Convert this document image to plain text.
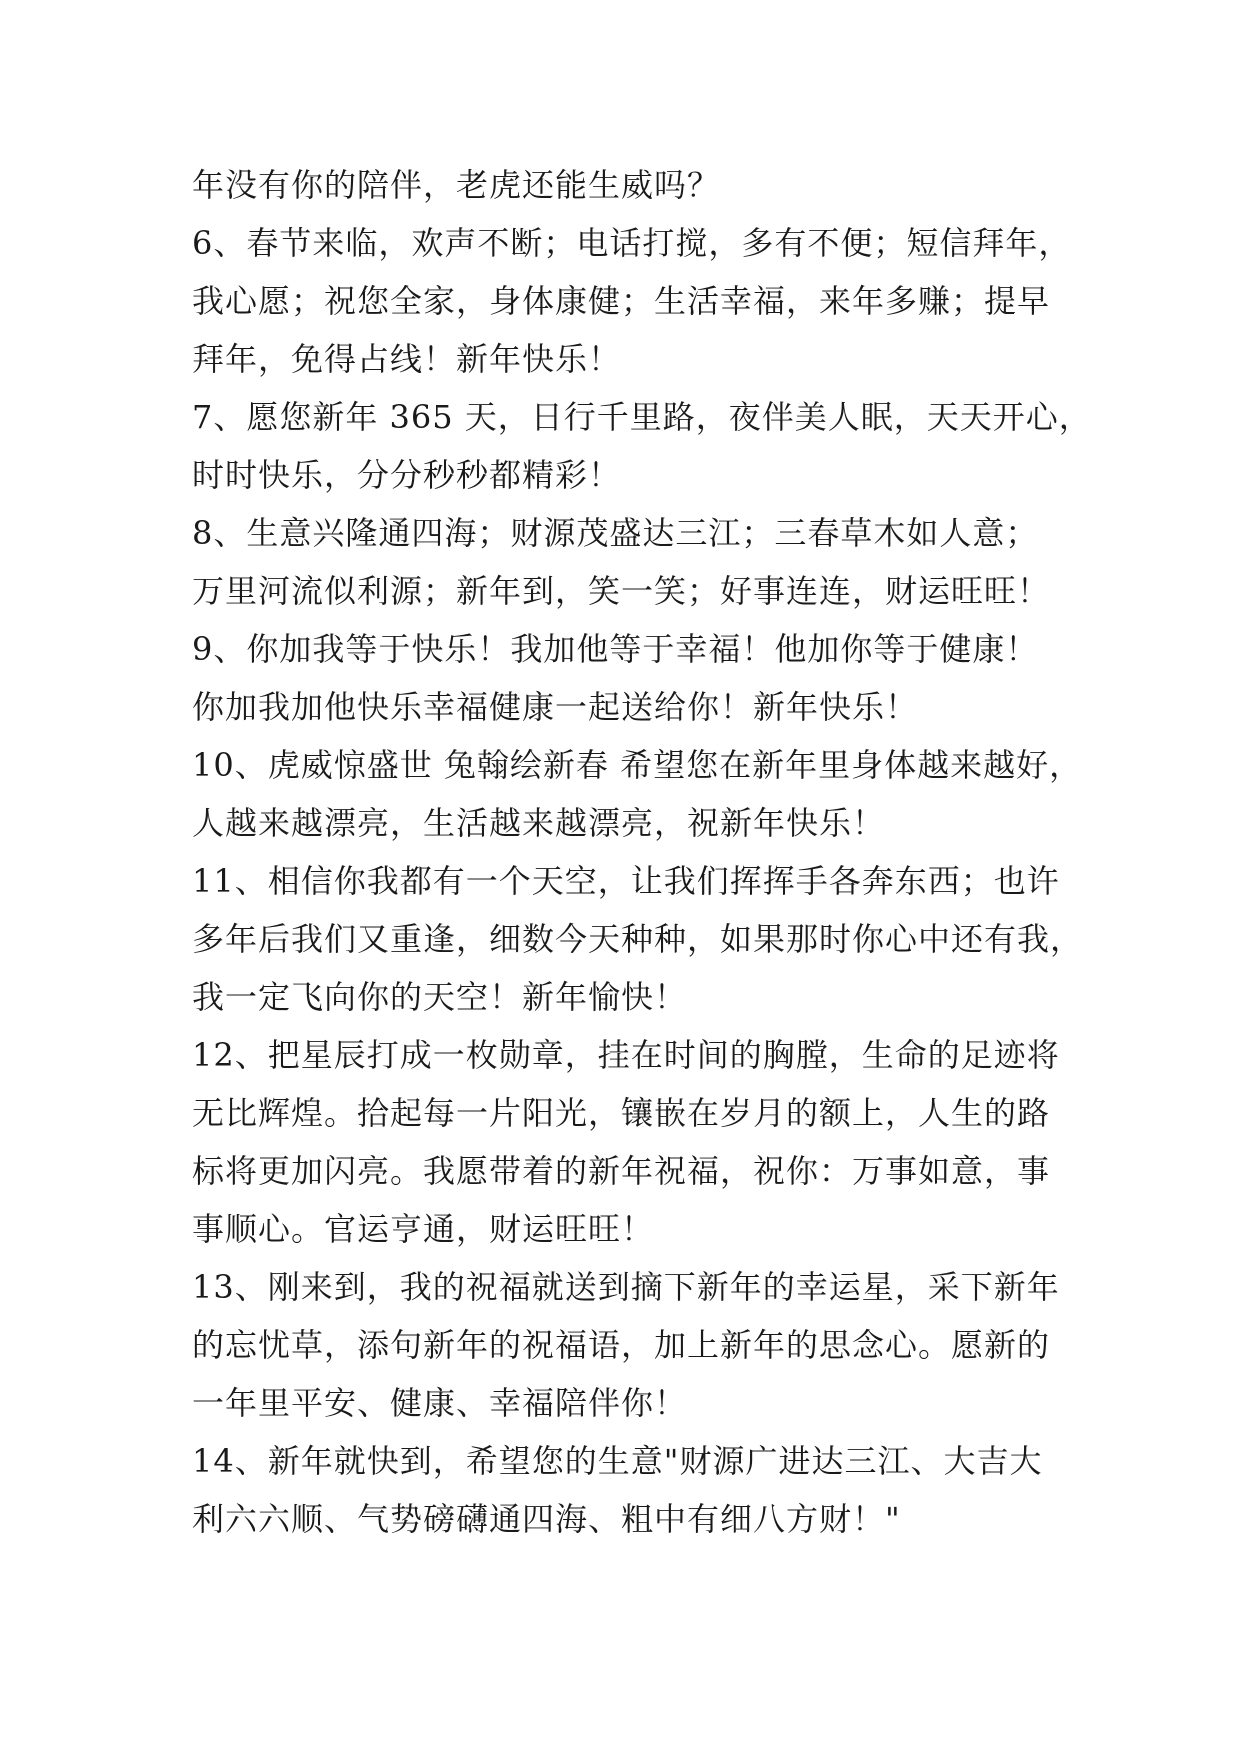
年没有你的陪伴，老虎还能生威吗？
6、春节来临，欢声不断；电话打搅，多有不便；短信拜年，
我心愿；祝您全家，身体康健；生活幸福，来年多赚；提早
拜年，免得占线！新年快乐！
7、愿您新年 365 天，日行千里路，夜伴美人眠，天天开心，
时时快乐，分分秒秒都精彩！
8、生意兴隆通四海；财源茂盛达三江；三春草木如人意；
万里河流似利源；新年到，笑一笑；好事连连，财运旺旺！
9、你加我等于快乐！我加他等于幸福！他加你等于健康！
你加我加他快乐幸福健康一起送给你！新年快乐！
10、虎威惊盛世 兔翰绘新春 希望您在新年里身体越来越好，
人越来越漂亮，生活越来越漂亮，祝新年快乐！
11、相信你我都有一个天空，让我们挥挥手各奔东西；也许
多年后我们又重逢，细数今天种种，如果那时你心中还有我，
我一定飞向你的天空！新年愉快！
12、把星辰打成一枚勋章，挂在时间的胸膛，生命的足迹将
无比辉煌。拾起每一片阳光，镶嵌在岁月的额上，人生的路
标将更加闪亮。我愿带着的新年祝福，祝你：万事如意，事
事顺心。官运亨通，财运旺旺！
13、刚来到，我的祝福就送到摘下新年的幸运星，采下新年
的忘忧草，添句新年的祝福语，加上新年的思念心。愿新的
一年里平安、健康、幸福陪伴你！
14、新年就快到，希望您的生意"财源广进达三江、大吉大
利六六顺、气势磅礴通四海、粗中有细八方财！"
